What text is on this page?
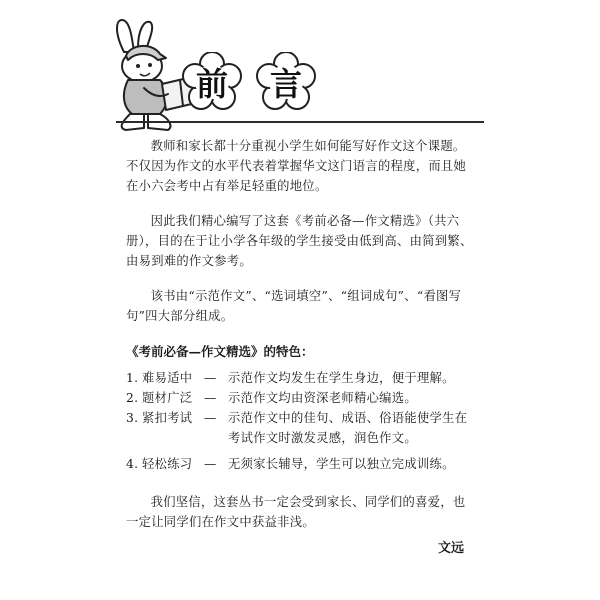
前	言

教师和家长都十分重视小学生如何能写好作文这个课题。不仅因为作文的水平代表着掌握华文这门语言的程度，而且她在小六会考中占有举足轻重的地位。

因此我们精心编写了这套《考前必备—作文精选》（共六册），目的在于让小学各年级的学生接受由低到高、由简到繁、由易到难的作文参考。

该书由“示范作文”、“选词填空”、“组词成句”、“看图写句”四大部分组成。

《考前必备—作文精选》的特色：
1. 难易适中 — 示范作文均发生在学生身边，便于理解。
2. 题材广泛 — 示范作文均由资深老师精心编选。
3. 紧扣考试 — 示范作文中的佳句、成语、俗语能使学生在考试作文时激发灵感，润色作文。
4. 轻松练习 — 无须家长辅导，学生可以独立完成训练。

我们坚信，这套丛书一定会受到家长、同学们的喜爱，也一定让同学们在作文中获益非浅。

文远
